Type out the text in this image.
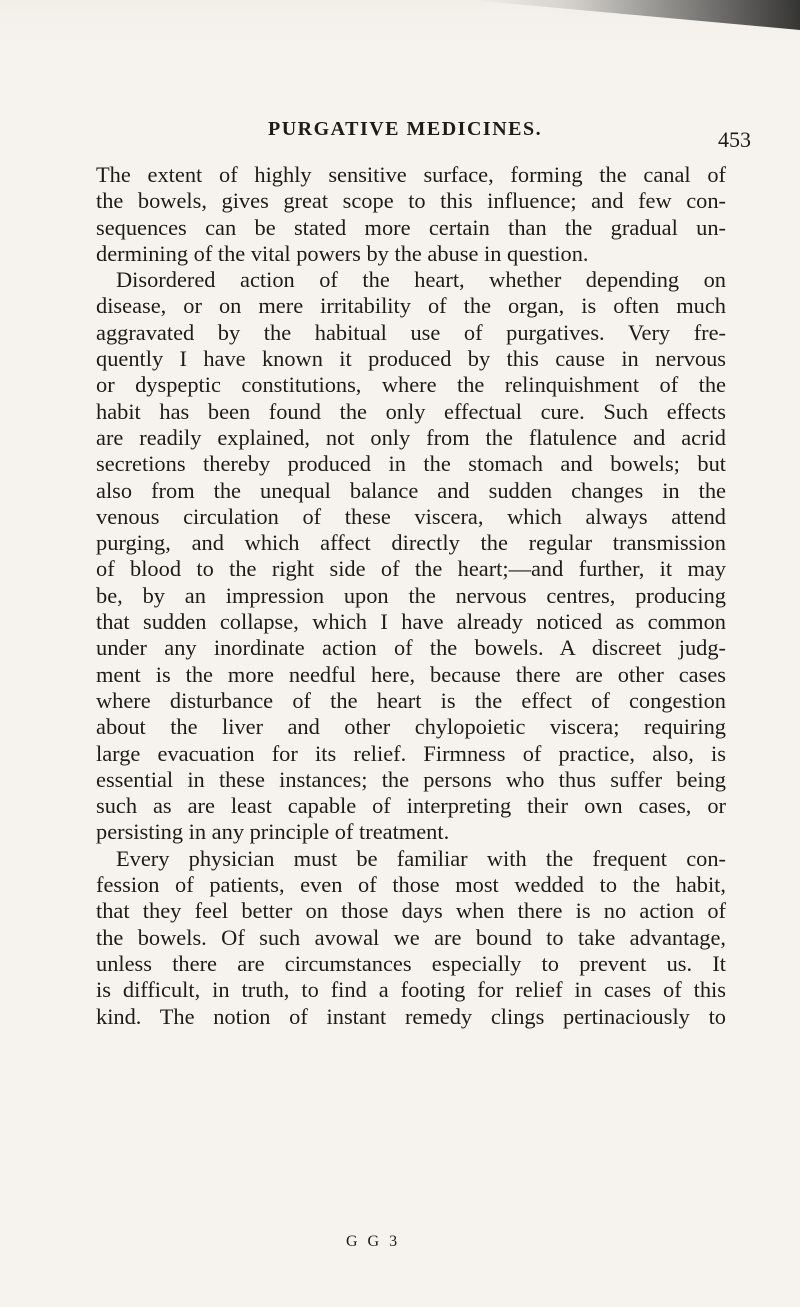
PURGATIVE MEDICINES.	453
The extent of highly sensitive surface, forming the canal of
the bowels, gives great scope to this influence; and few con-
sequences can be stated more certain than the gradual un-
dermining of the vital powers by the abuse in question.
Disordered action of the heart, whether depending on
disease, or on mere irritability of the organ, is often much
aggravated by the habitual use of purgatives. Very fre-
quently I have known it produced by this cause in nervous
or dyspeptic constitutions, where the relinquishment of the
habit has been found the only effectual cure. Such effects
are readily explained, not only from the flatulence and acrid
secretions thereby produced in the stomach and bowels; but
also from the unequal balance and sudden changes in the
venous circulation of these viscera, which always attend
purging, and which affect directly the regular transmission
of blood to the right side of the heart;—and further, it may
be, by an impression upon the nervous centres, producing
that sudden collapse, which I have already noticed as common
under any inordinate action of the bowels. A discreet judg-
ment is the more needful here, because there are other cases
where disturbance of the heart is the effect of congestion
about the liver and other chylopoietic viscera; requiring
large evacuation for its relief. Firmness of practice, also, is
essential in these instances; the persons who thus suffer being
such as are least capable of interpreting their own cases, or
persisting in any principle of treatment.
Every physician must be familiar with the frequent con-
fession of patients, even of those most wedded to the habit,
that they feel better on those days when there is no action of
the bowels. Of such avowal we are bound to take advantage,
unless there are circumstances especially to prevent us. It
is difficult, in truth, to find a footing for relief in cases of this
kind. The notion of instant remedy clings pertinaciously to
G G 3
